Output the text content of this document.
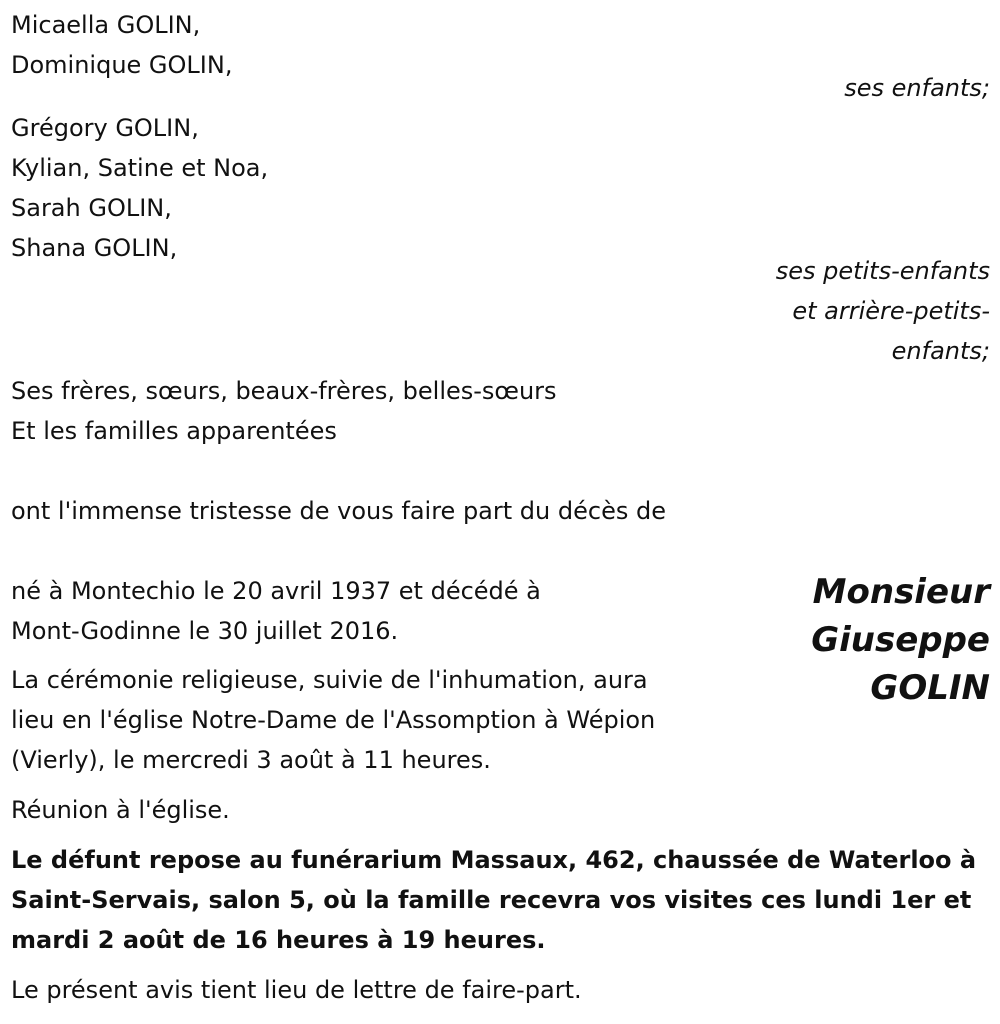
Micaella GOLIN,
Dominique GOLIN,
ses enfants;
Grégory GOLIN,
Kylian, Satine et Noa,
Sarah GOLIN,
Shana GOLIN,
ses petits-enfants
et arrière-petits-
enfants;
Ses frères, sœurs, beaux-frères, belles-sœurs
Et les familles apparentées
ont l'immense tristesse de vous faire part du décès de
Monsieur
Giuseppe
GOLIN
né à Montechio le 20 avril 1937 et décédé à
Mont-Godinne le 30 juillet 2016.
La cérémonie religieuse, suivie de l'inhumation, aura
lieu en l'église Notre-Dame de l'Assomption à Wépion
(Vierly), le mercredi 3 août à 11 heures.
Réunion à l'église.
Le défunt repose au funérarium Massaux, 462, chaussée de Waterloo à
Saint-Servais, salon 5, où la famille recevra vos visites ces lundi 1er et
mardi 2 août de 16 heures à 19 heures.
Le présent avis tient lieu de lettre de faire-part.
